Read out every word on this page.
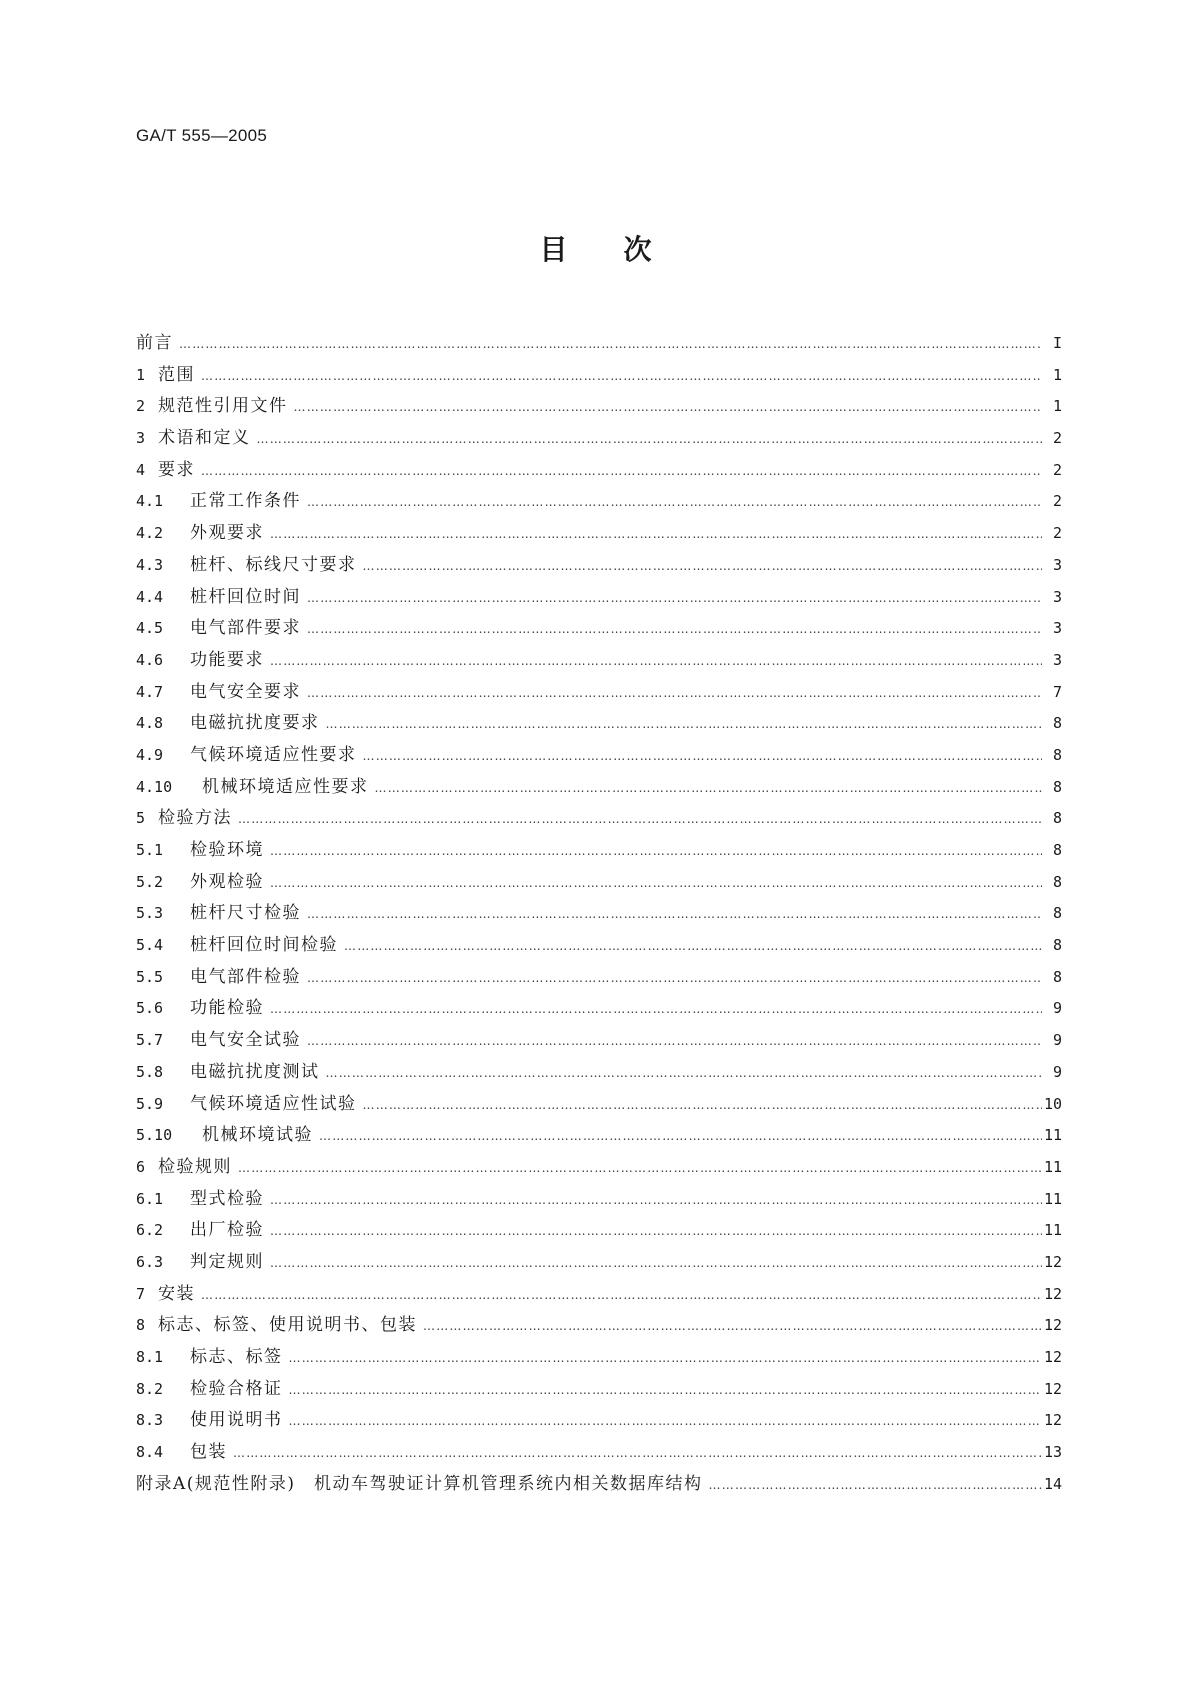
GA/T 555—2005
目次
前言 …………………………………………………………………………………………………………………………………………………………………………………………………………………………………………………………	I
1 范围 …………………………………………………………………………………………………………………………………………………………………………………………………………………………………………………………	1
2 规范性引用文件 …………………………………………………………………………………………………………………………………………………………………………………………………………………………………………………………	1
3 术语和定义 …………………………………………………………………………………………………………………………………………………………………………………………………………………………………………………………	2
4 要求 …………………………………………………………………………………………………………………………………………………………………………………………………………………………………………………………	2
4.1	正常工作条件 …………………………………………………………………………………………………………………………………………………………………………………………………………………………………………………………	2
4.2	外观要求 …………………………………………………………………………………………………………………………………………………………………………………………………………………………………………………………	2
4.3	桩杆、标线尺寸要求 …………………………………………………………………………………………………………………………………………………………………………………………………………………………………………………………	3
4.4	桩杆回位时间 …………………………………………………………………………………………………………………………………………………………………………………………………………………………………………………………	3
4.5	电气部件要求 …………………………………………………………………………………………………………………………………………………………………………………………………………………………………………………………	3
4.6	功能要求 …………………………………………………………………………………………………………………………………………………………………………………………………………………………………………………………	3
4.7	电气安全要求 …………………………………………………………………………………………………………………………………………………………………………………………………………………………………………………………	7
4.8	电磁抗扰度要求 …………………………………………………………………………………………………………………………………………………………………………………………………………………………………………………………	8
4.9	气候环境适应性要求 …………………………………………………………………………………………………………………………………………………………………………………………………………………………………………………………	8
4.10	机械环境适应性要求 …………………………………………………………………………………………………………………………………………………………………………………………………………………………………………………………	8
5 检验方法 …………………………………………………………………………………………………………………………………………………………………………………………………………………………………………………………	8
5.1	检验环境 …………………………………………………………………………………………………………………………………………………………………………………………………………………………………………………………	8
5.2	外观检验 …………………………………………………………………………………………………………………………………………………………………………………………………………………………………………………………	8
5.3	桩杆尺寸检验 …………………………………………………………………………………………………………………………………………………………………………………………………………………………………………………………	8
5.4	桩杆回位时间检验 …………………………………………………………………………………………………………………………………………………………………………………………………………………………………………………………	8
5.5	电气部件检验 …………………………………………………………………………………………………………………………………………………………………………………………………………………………………………………………	8
5.6	功能检验 …………………………………………………………………………………………………………………………………………………………………………………………………………………………………………………………	9
5.7	电气安全试验 …………………………………………………………………………………………………………………………………………………………………………………………………………………………………………………………	9
5.8	电磁抗扰度测试 …………………………………………………………………………………………………………………………………………………………………………………………………………………………………………………………	9
5.9	气候环境适应性试验 …………………………………………………………………………………………………………………………………………………………………………………………………………………………………………………………	10
5.10	机械环境试验 …………………………………………………………………………………………………………………………………………………………………………………………………………………………………………………………	11
6 检验规则 …………………………………………………………………………………………………………………………………………………………………………………………………………………………………………………………	11
6.1	型式检验 …………………………………………………………………………………………………………………………………………………………………………………………………………………………………………………………	11
6.2	出厂检验 …………………………………………………………………………………………………………………………………………………………………………………………………………………………………………………………	11
6.3	判定规则 …………………………………………………………………………………………………………………………………………………………………………………………………………………………………………………………	12
7 安装 …………………………………………………………………………………………………………………………………………………………………………………………………………………………………………………………	12
8 标志、标签、使用说明书、包装 …………………………………………………………………………………………………………………………………………………………………………………………………………………………………………………………	12
8.1	标志、标签 …………………………………………………………………………………………………………………………………………………………………………………………………………………………………………………………	12
8.2	检验合格证 …………………………………………………………………………………………………………………………………………………………………………………………………………………………………………………………	12
8.3	使用说明书 …………………………………………………………………………………………………………………………………………………………………………………………………………………………………………………………	12
8.4	包装 …………………………………………………………………………………………………………………………………………………………………………………………………………………………………………………………	13
附录A(规范性附录)　机动车驾驶证计算机管理系统内相关数据库结构 …………………………………………………………………………………………………………………………………………………………………………………………………………………………………………………………	14
